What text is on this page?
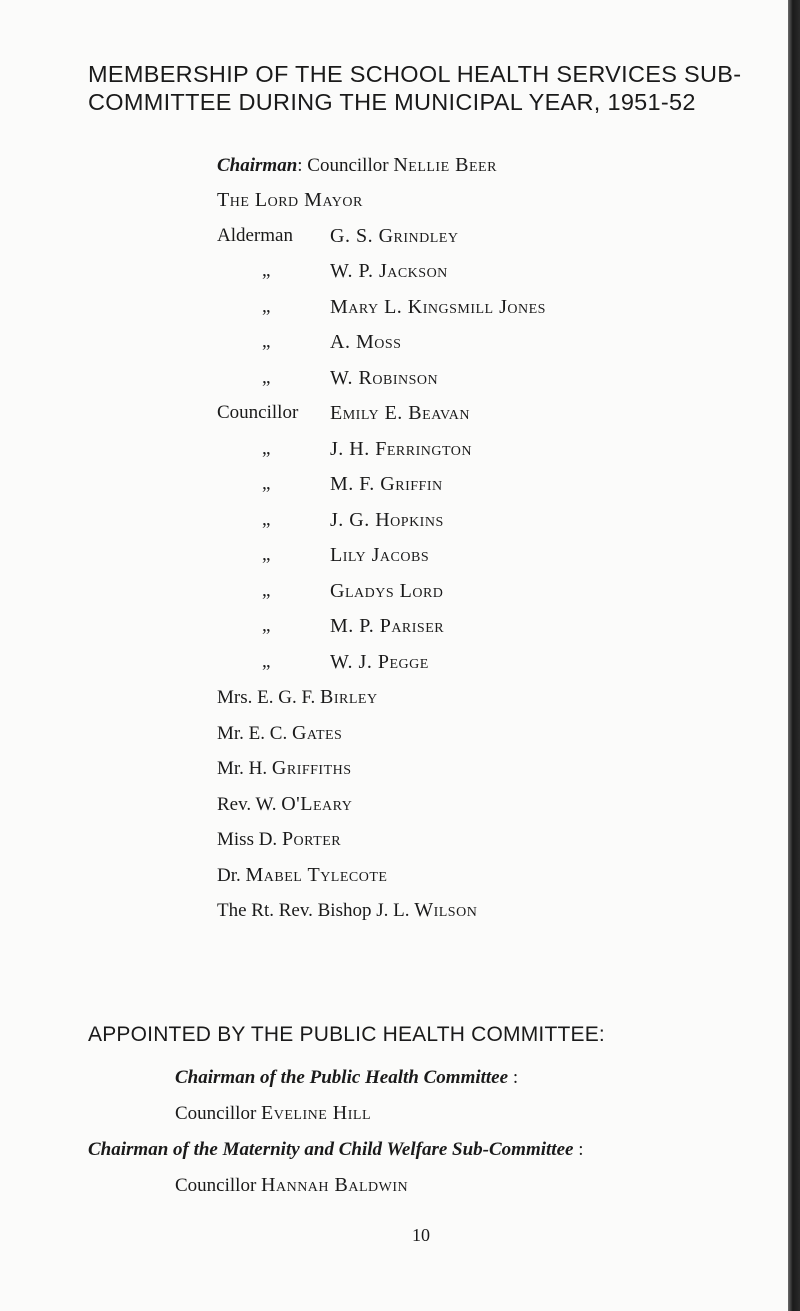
MEMBERSHIP OF THE SCHOOL HEALTH SERVICES SUB-
COMMITTEE DURING THE MUNICIPAL YEAR, 1951-52
Chairman: Councillor Nellie Beer
The Lord Mayor
Alderman G. S. Grindley
„	W. P. Jackson
„	Mary L. Kingsmill Jones
„	A. Moss
„	W. Robinson
Councillor Emily E. Beavan
„	J. H. Ferrington
„	M. F. Griffin
„	J. G. Hopkins
„	Lily Jacobs
„	Gladys Lord
„	M. P. Pariser
„	W. J. Pegge
Mrs. E. G. F. Birley
Mr. E. C. Gates
Mr. H. Griffiths
Rev. W. O'Leary
Miss D. Porter
Dr. Mabel Tylecote
The Rt. Rev. Bishop J. L. Wilson
APPOINTED BY THE PUBLIC HEALTH COMMITTEE:
Chairman of the Public Health Committee :
Councillor Eveline Hill
Chairman of the Maternity and Child Welfare Sub-Committee :
Councillor Hannah Baldwin
10
